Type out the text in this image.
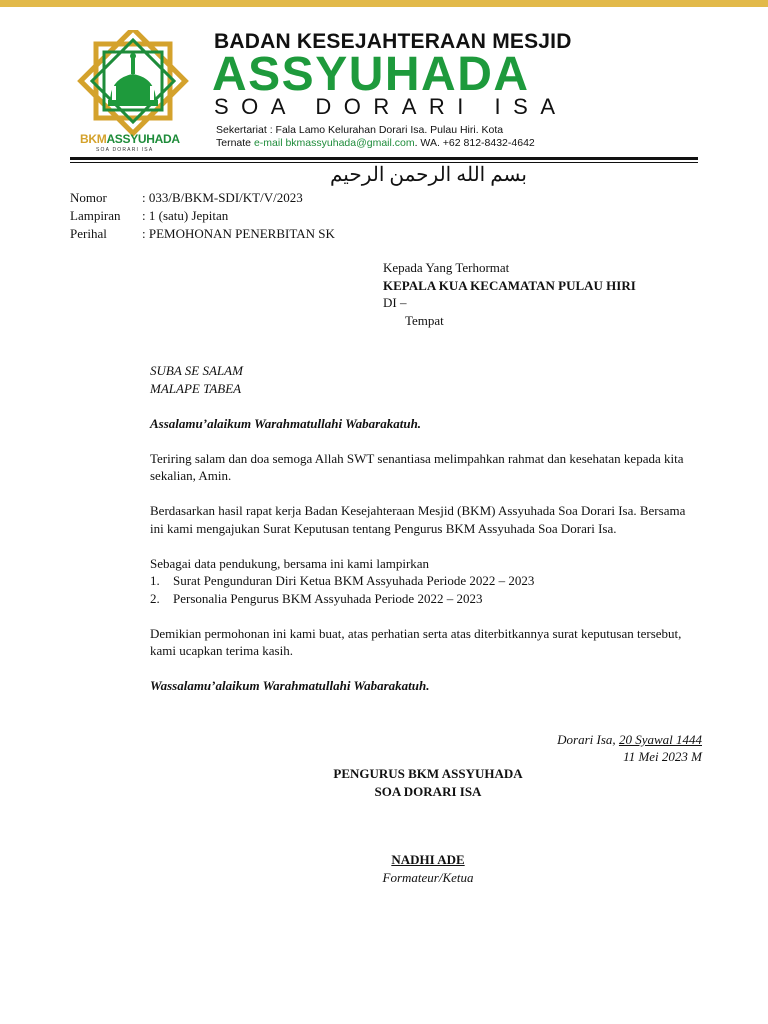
BKMASSYUHADA
SOA DORARI ISA
BADAN KESEJAHTERAAN MESJID
ASSYUHADA
SOA DORARI ISA
Sekertariat : Fala Lamo Kelurahan Dorari Isa. Pulau Hiri. Kota
Ternate e-mail bkmassyuhada@gmail.com. WA. +62 812-8432-4642
بسم الله الرحمن الرحيم
Nomor	: 033/B/BKM-SDI/KT/V/2023
Lampiran	: 1 (satu) Jepitan
Perihal	: PEMOHONAN PENERBITAN SK
Kepada Yang Terhormat
KEPALA KUA KECAMATAN PULAU HIRI
DI –
Tempat

SUBA SE SALAM

MALAPE TABEA

Assalamu’alaikum Warahmatullahi Wabarakatuh.

Teriring salam dan doa semoga Allah SWT senantiasa melimpahkan rahmat dan kesehatan kepada kita sekalian, Amin.

Berdasarkan hasil rapat kerja Badan Kesejahteraan Mesjid (BKM) Assyuhada Soa Dorari Isa. Bersama ini kami mengajukan Surat Keputusan tentang Pengurus BKM Assyuhada Soa Dorari Isa.

Sebagai data pendukung, bersama ini kami lampirkan

1.	Surat Pengunduran Diri Ketua BKM Assyuhada Periode 2022 – 2023
2.	Personalia Pengurus BKM Assyuhada Periode 2022 – 2023

Demikian permohonan ini kami buat, atas perhatian serta atas diterbitkannya surat keputusan tersebut, kami ucapkan terima kasih.

Wassalamu’alaikum Warahmatullahi Wabarakatuh.

Dorari Isa, 20 Syawal 1444
11 Mei 2023 M
PENGURUS BKM ASSYUHADA
SOA DORARI ISA
NADHI ADE
Formateur/Ketua
